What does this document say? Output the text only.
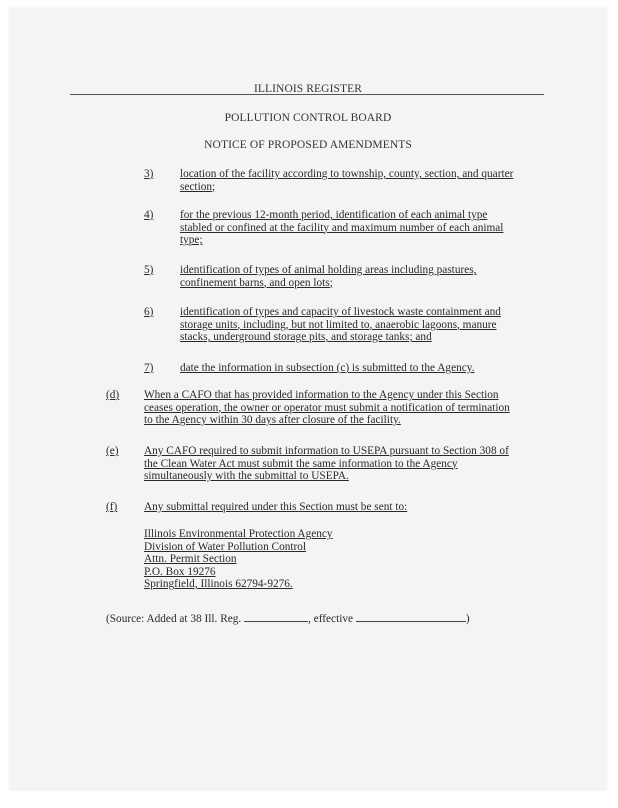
ILLINOIS REGISTER
POLLUTION CONTROL BOARD
NOTICE OF PROPOSED AMENDMENTS
3)	location of the facility according to township, county, section, and quarter
section;
4)	for the previous 12-month period, identification of each animal type
stabled or confined at the facility and maximum number of each animal
type;
5)	identification of types of animal holding areas including pastures,
confinement barns, and open lots;
6)	identification of types and capacity of livestock waste containment and
storage units, including, but not limited to, anaerobic lagoons, manure
stacks, underground storage pits, and storage tanks; and
7)	date the information in subsection (c) is submitted to the Agency.
(d) When a CAFO that has provided information to the Agency under this Section
ceases operation, the owner or operator must submit a notification of termination
to the Agency within 30 days after closure of the facility.
(e) Any CAFO required to submit information to USEPA pursuant to Section 308 of
the Clean Water Act must submit the same information to the Agency
simultaneously with the submittal to USEPA.
(f) Any submittal required under this Section must be sent to:
Illinois Environmental Protection Agency
Division of Water Pollution Control
Attn. Permit Section
P.O. Box 19276
Springfield, Illinois 62794-9276.
(Source: Added at 38 Ill. Reg.	, effective	)
